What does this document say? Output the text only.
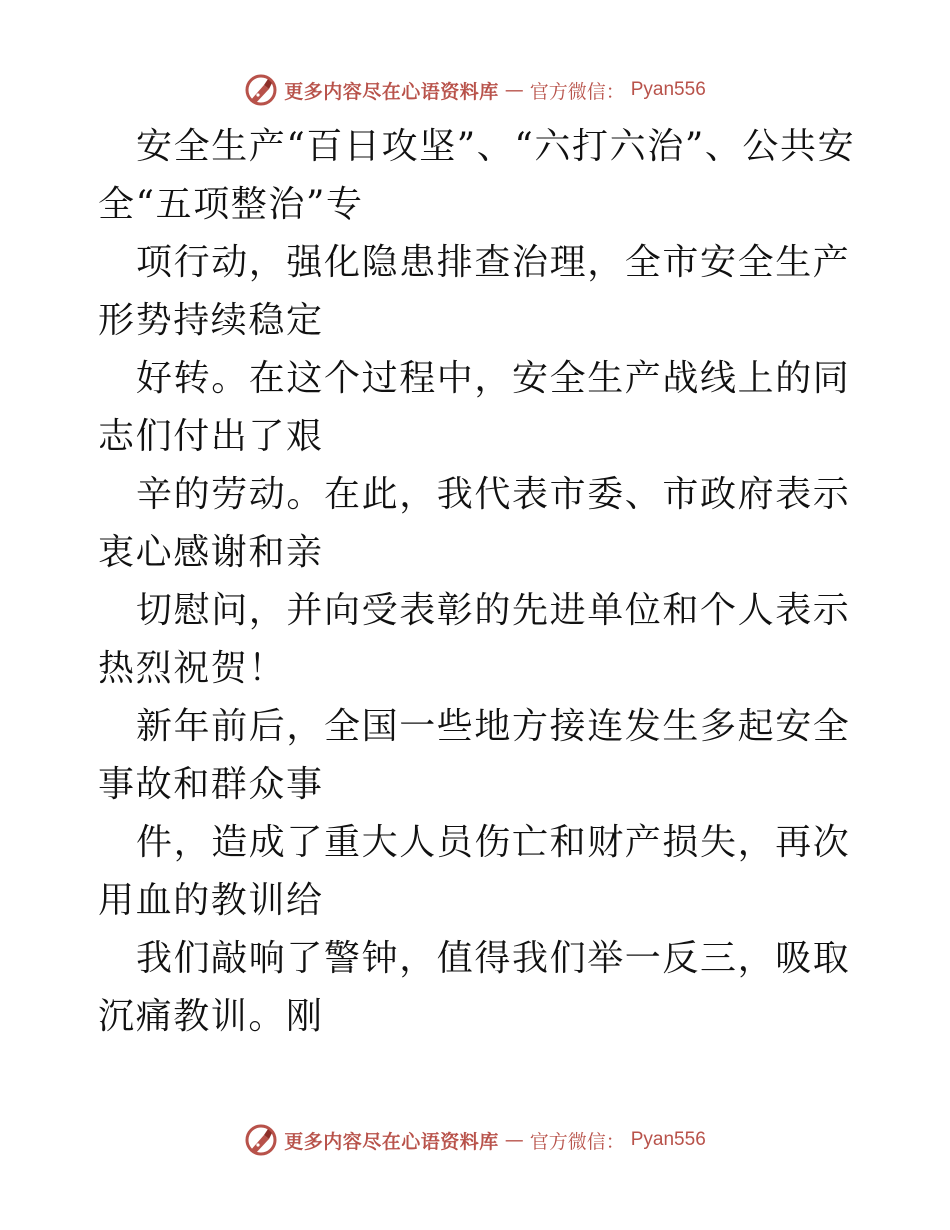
更多内容尽在心语资料库 — 官方微信： Pyan556

安全生产“百日攻坚”、“六打六治”、公共安全“五项整治”专

项行动，强化隐患排查治理，全市安全生产形势持续稳定

好转。在这个过程中，安全生产战线上的同志们付出了艰

辛的劳动。在此，我代表市委、市政府表示衷心感谢和亲

切慰问，并向受表彰的先进单位和个人表示热烈祝贺！

新年前后，全国一些地方接连发生多起安全事故和群众事

件，造成了重大人员伤亡和财产损失，再次用血的教训给

我们敲响了警钟，值得我们举一反三，吸取沉痛教训。刚

更多内容尽在心语资料库 — 官方微信： Pyan556
